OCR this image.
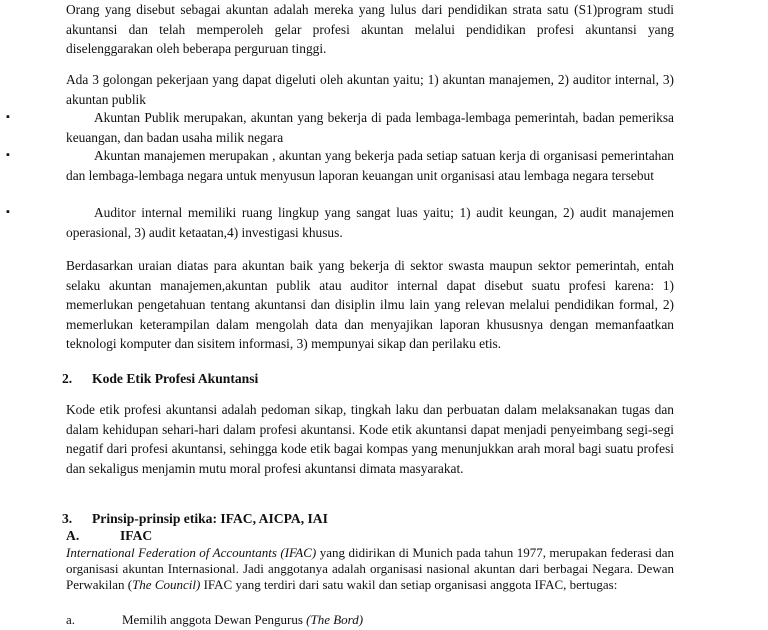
Orang yang disebut sebagai akuntan adalah mereka yang lulus dari pendidikan strata satu (S1)program studi akuntansi dan telah memperoleh gelar profesi akuntan melalui pendidikan profesi akuntansi yang diselenggarakan oleh beberapa perguruan tinggi.

Ada 3 golongan pekerjaan yang dapat digeluti oleh akuntan yaitu; 1) akuntan manajemen, 2) auditor internal, 3) akuntan publik

▪	Akuntan Publik merupakan, akuntan yang bekerja di pada lembaga-lembaga pemerintah, badan pemeriksa keuangan, dan badan usaha milik negara

▪	Akuntan manajemen merupakan , akuntan yang bekerja pada setiap satuan kerja di organisasi pemerintahan dan lembaga-lembaga negara untuk menyusun laporan keuangan unit organisasi atau lembaga negara tersebut

▪	Auditor internal memiliki ruang lingkup yang sangat luas yaitu; 1) audit keungan, 2) audit manajemen operasional, 3) audit ketaatan,4) investigasi khusus.

Berdasarkan uraian diatas para akuntan baik yang bekerja di sektor swasta maupun sektor pemerintah, entah selaku akuntan manajemen,akuntan publik atau auditor internal dapat disebut suatu profesi karena: 1) memerlukan pengetahuan tentang akuntansi dan disiplin ilmu lain yang relevan melalui pendidikan formal, 2) memerlukan keterampilan dalam mengolah data dan menyajikan laporan khususnya dengan memanfaatkan teknologi komputer dan sisitem informasi, 3) mempunyai sikap dan perilaku etis.

2. Kode Etik Profesi Akuntansi

Kode etik profesi akuntansi adalah pedoman sikap, tingkah laku dan perbuatan dalam melaksanakan tugas dan dalam kehidupan sehari-hari dalam profesi akuntansi. Kode etik akuntansi dapat menjadi penyeimbang segi-segi negatif dari profesi akuntansi, sehingga kode etik bagai kompas yang menunjukkan arah moral bagi suatu profesi dan sekaligus menjamin mutu moral profesi akuntansi dimata masyarakat.

3. Prinsip-prinsip etika: IFAC, AICPA, IAI
A.	IFAC

International Federation of Accountants (IFAC) yang didirikan di Munich pada tahun 1977, merupakan federasi dan organisasi akuntan Internasional. Jadi anggotanya adalah organisasi nasional akuntan dari berbagai Negara. Dewan Perwakilan (The Council) IFAC yang terdiri dari satu wakil dan setiap organisasi anggota IFAC, bertugas:

a.	Memilih anggota Dewan Pengurus (The Bord)
